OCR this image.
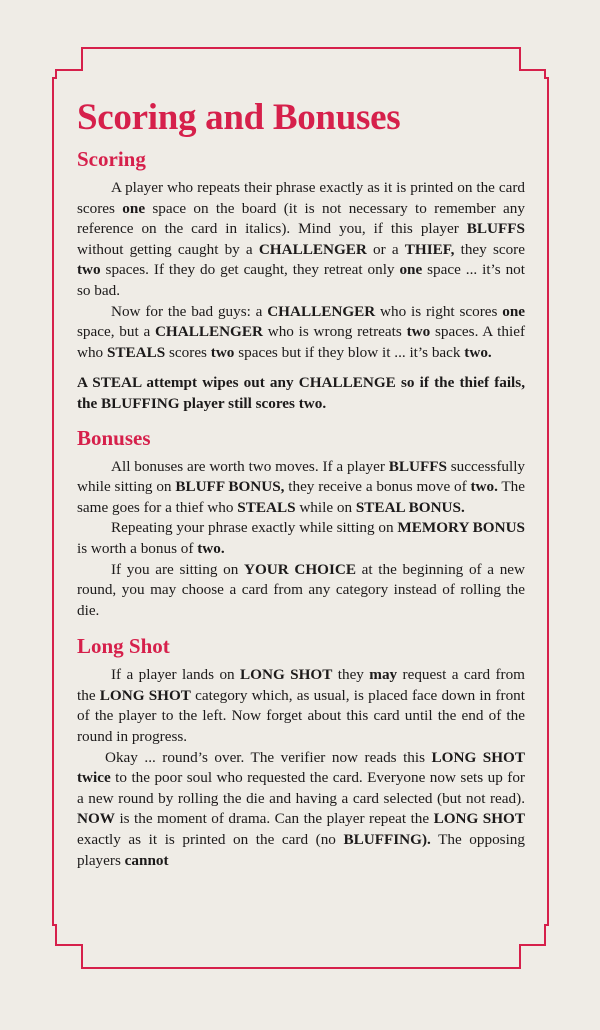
Scoring and Bonuses
Scoring

A player who repeats their phrase exactly as it is printed on the card scores one space on the board (it is not necessary to remember any reference on the card in italics). Mind you, if this player BLUFFS without getting caught by a CHALLENGER or a THIEF, they score two spaces. If they do get caught, they retreat only one space ... it’s not so bad.

Now for the bad guys: a CHALLENGER who is right scores one space, but a CHALLENGER who is wrong retreats two spaces. A thief who STEALS scores two spaces but if they blow it ... it’s back two.

A STEAL attempt wipes out any CHALLENGE so if the thief fails, the BLUFFING player still scores two.

Bonuses

All bonuses are worth two moves. If a player BLUFFS successfully while sitting on BLUFF BONUS, they receive a bonus move of two. The same goes for a thief who STEALS while on STEAL BONUS.

Repeating your phrase exactly while sitting on MEMORY BONUS is worth a bonus of two.

If you are sitting on YOUR CHOICE at the beginning of a new round, you may choose a card from any category instead of rolling the die.

Long Shot

If a player lands on LONG SHOT they may request a card from the LONG SHOT category which, as usual, is placed face down in front of the player to the left. Now forget about this card until the end of the round in progress.

Okay ... round’s over. The verifier now reads this LONG SHOT twice to the poor soul who requested the card. Everyone now sets up for a new round by rolling the die and having a card selected (but not read). NOW is the moment of drama. Can the player repeat the LONG SHOT exactly as it is printed on the card (no BLUFFING). The opposing players cannot
